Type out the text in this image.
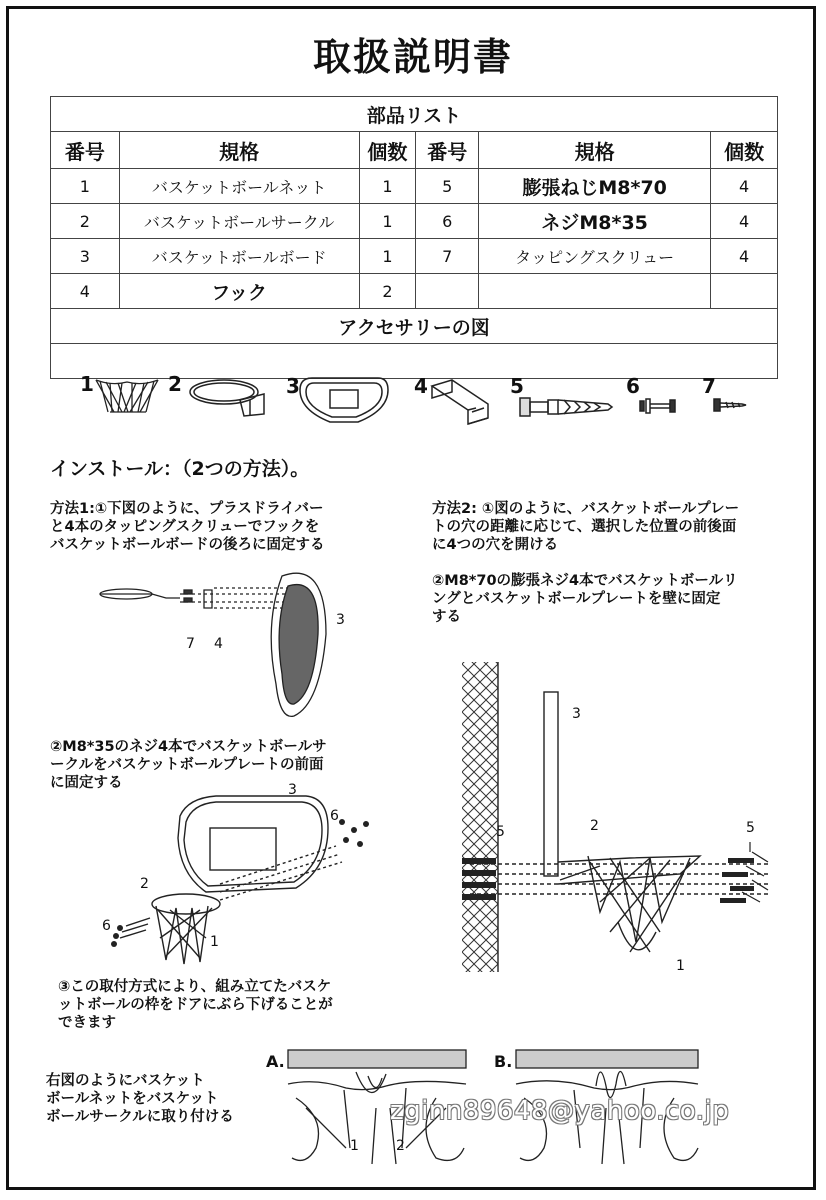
取扱説明書
部品リスト					
番号	規格	個数	番号	規格	個数
1	バスケットボールネット	1	5	膨張ねじM8*70	4
2	バスケットボールサークル	1	6	ネジM8*35	4
3	バスケットボールボード	1	7	タッピングスクリュー	4
4	フック	2			
アクセサリーの図					

1	2	3	4	5	6	7
インストール：（2つの方法）。
方法1:①下図のように、プラスドライバー
と4本のタッピングスクリューでフックを
バスケットボールボードの後ろに固定する
7 4
3
②M8*35のネジ4本でバスケットボールサ
ークルをバスケットボールプレートの前面
に固定する	3
6
2
6
1
③この取付方式により、組み立てたバスケ
ットボールの枠をドアにぶら下げることが
できます
方法2: ①図のように、バスケットボールプレー
トの穴の距離に応じて、選択した位置の前後面
に4つの穴を開ける
②M8*70の膨張ネジ4本でバスケットボールリ
ングとバスケットボールプレートを壁に固定
する
3
5	2	5
1
右図のようにバスケット
ボールネットをバスケット
ボールサークルに取り付ける
A.
1	2
B.
zginn89648@yahoo.co.jp
